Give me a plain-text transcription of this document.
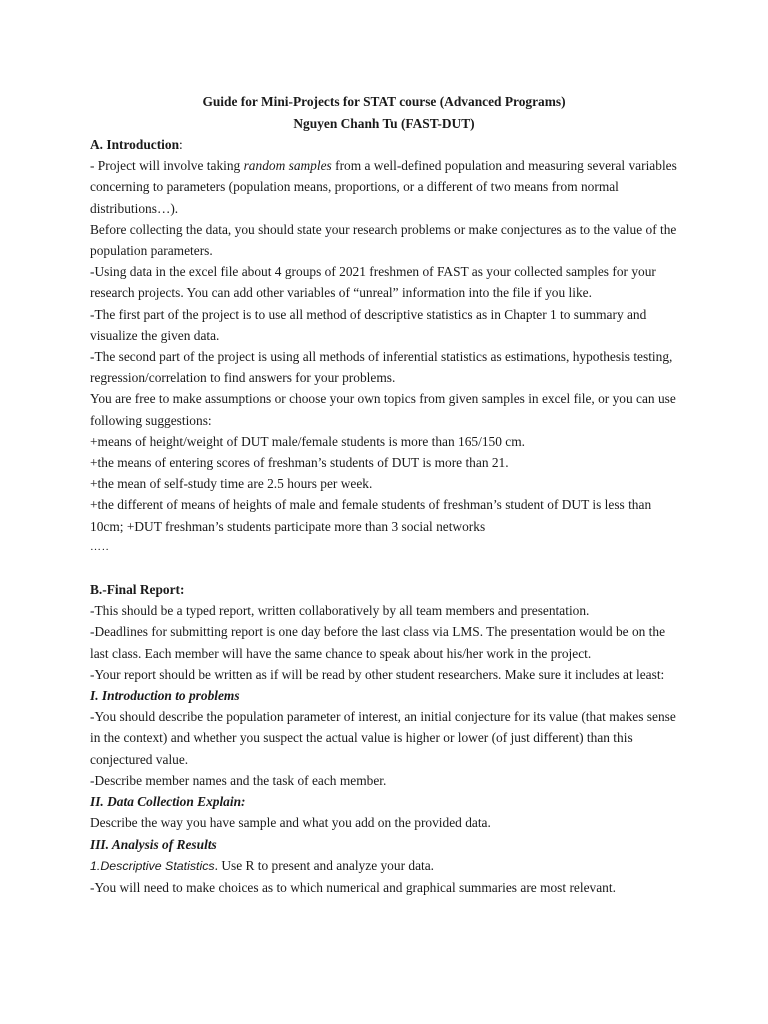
Guide for Mini-Projects for STAT course (Advanced Programs)
Nguyen Chanh Tu (FAST-DUT)

A. Introduction:

- Project will involve taking random samples from a well-defined population and measuring several variables concerning to parameters (population means, proportions, or a different of two means from normal distributions…).

Before collecting the data, you should state your research problems or make conjectures as to the value of the population parameters.

-Using data in the excel file about 4 groups of 2021 freshmen of FAST as your collected samples for your research projects. You can add other variables of “unreal” information into the file if you like.

-The first part of the project is to use all method of descriptive statistics as in Chapter 1 to summary and visualize the given data.

-The second part of the project is using all methods of inferential statistics as estimations, hypothesis testing, regression/correlation to find answers for your problems.

You are free to make assumptions or choose your own topics from given samples in excel file, or you can use following suggestions:

+means of height/weight of DUT male/female students is more than 165/150 cm.

+the means of entering scores of freshman’s students of DUT is more than 21.

+the mean of self-study time are 2.5 hours per week.

+the different of means of heights of male and female students of freshman’s student of DUT is less than 10cm; +DUT freshman’s students participate more than 3 social networks

…..

B.-Final Report:

-This should be a typed report, written collaboratively by all team members and presentation.

-Deadlines for submitting report is one day before the last class via LMS. The presentation would be on the last class. Each member will have the same chance to speak about his/her work in the project.

-Your report should be written as if will be read by other student researchers. Make sure it includes at least:

I. Introduction to problems

-You should describe the population parameter of interest, an initial conjecture for its value (that makes sense in the context) and whether you suspect the actual value is higher or lower (of just different) than this conjectured value.

-Describe member names and the task of each member.

II. Data Collection Explain:

Describe the way you have sample and what you add on the provided data.

III. Analysis of Results

1.Descriptive Statistics. Use R to present and analyze your data.

-You will need to make choices as to which numerical and graphical summaries are most relevant.
